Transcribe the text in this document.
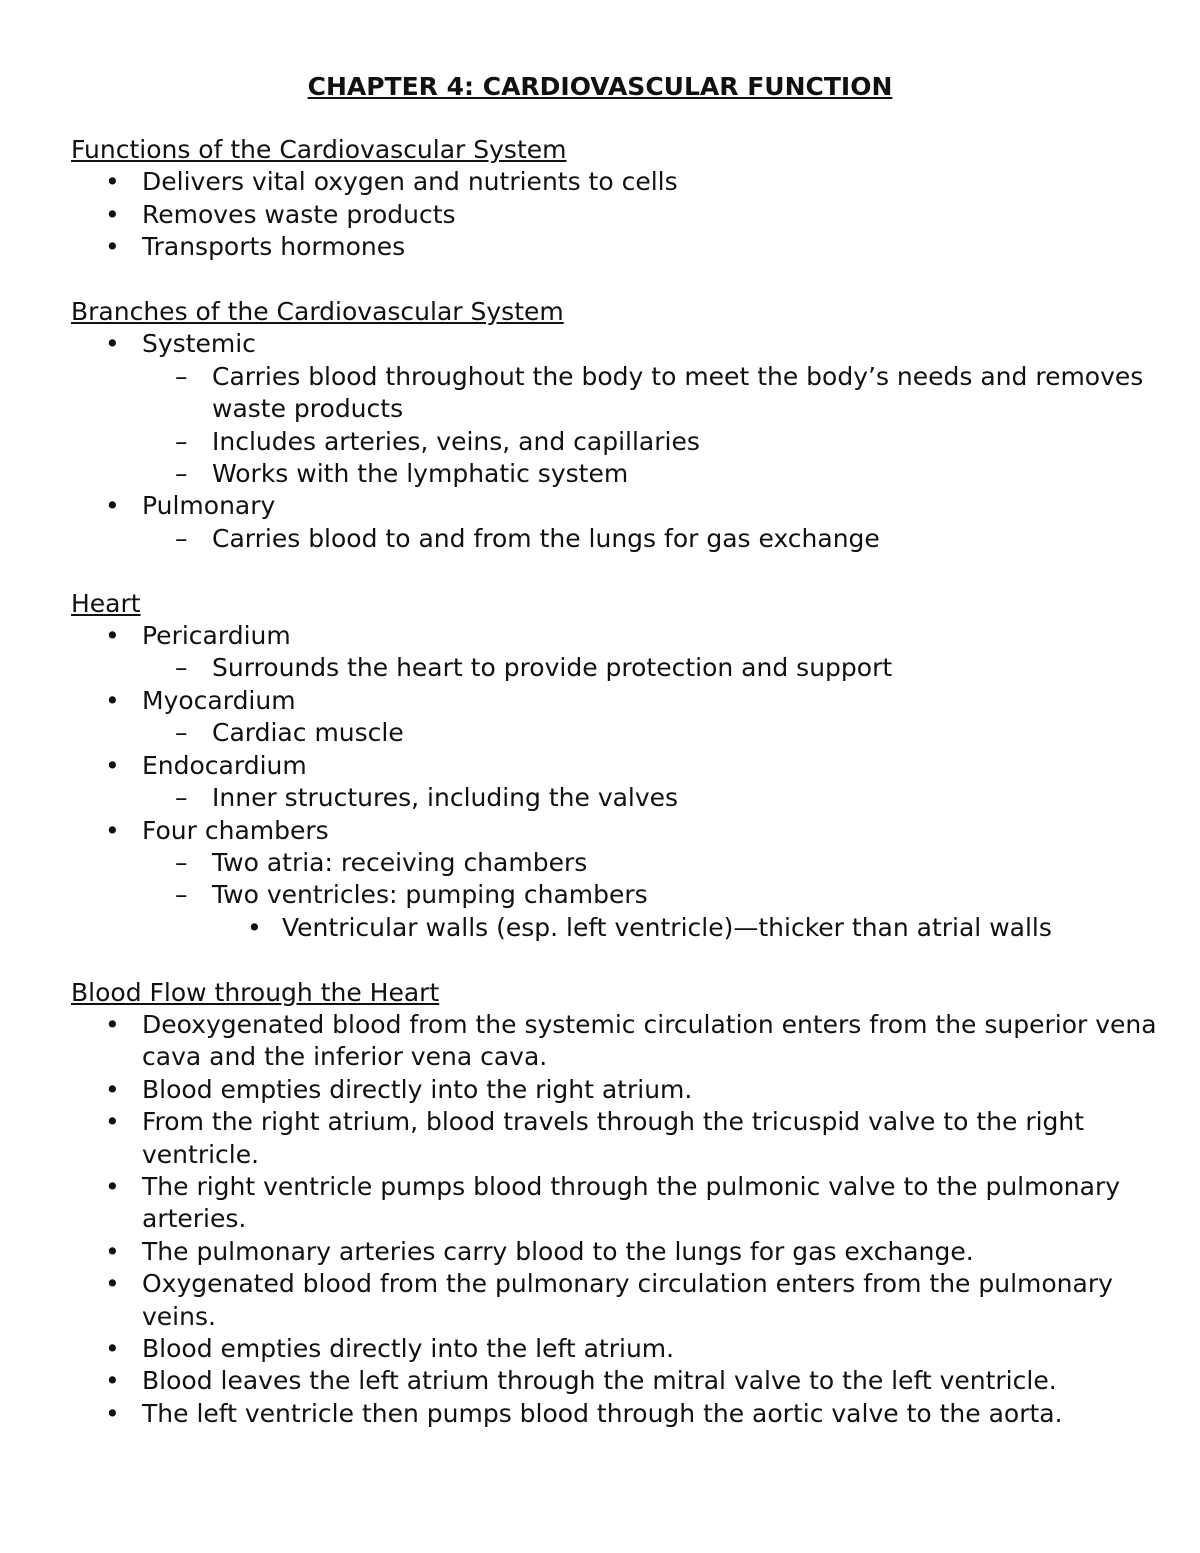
CHAPTER 4: CARDIOVASCULAR FUNCTION

Functions of the Cardiovascular System

• Delivers vital oxygen and nutrients to cells
• Removes waste products
• Transports hormones

Branches of the Cardiovascular System

• Systemic
– Carries blood throughout the body to meet the body’s needs and removes waste products
– Includes arteries, veins, and capillaries
– Works with the lymphatic system
• Pulmonary
– Carries blood to and from the lungs for gas exchange

Heart

• Pericardium
– Surrounds the heart to provide protection and support
• Myocardium
– Cardiac muscle
• Endocardium
– Inner structures, including the valves
• Four chambers
– Two atria: receiving chambers
– Two ventricles: pumping chambers
• Ventricular walls (esp. left ventricle)—thicker than atrial walls

Blood Flow through the Heart

• Deoxygenated blood from the systemic circulation enters from the superior vena cava and the inferior vena cava.
• Blood empties directly into the right atrium.
• From the right atrium, blood travels through the tricuspid valve to the right ventricle.
• The right ventricle pumps blood through the pulmonic valve to the pulmonary arteries.
• The pulmonary arteries carry blood to the lungs for gas exchange.
• Oxygenated blood from the pulmonary circulation enters from the pulmonary veins.
• Blood empties directly into the left atrium.
• Blood leaves the left atrium through the mitral valve to the left ventricle.
• The left ventricle then pumps blood through the aortic valve to the aorta.
